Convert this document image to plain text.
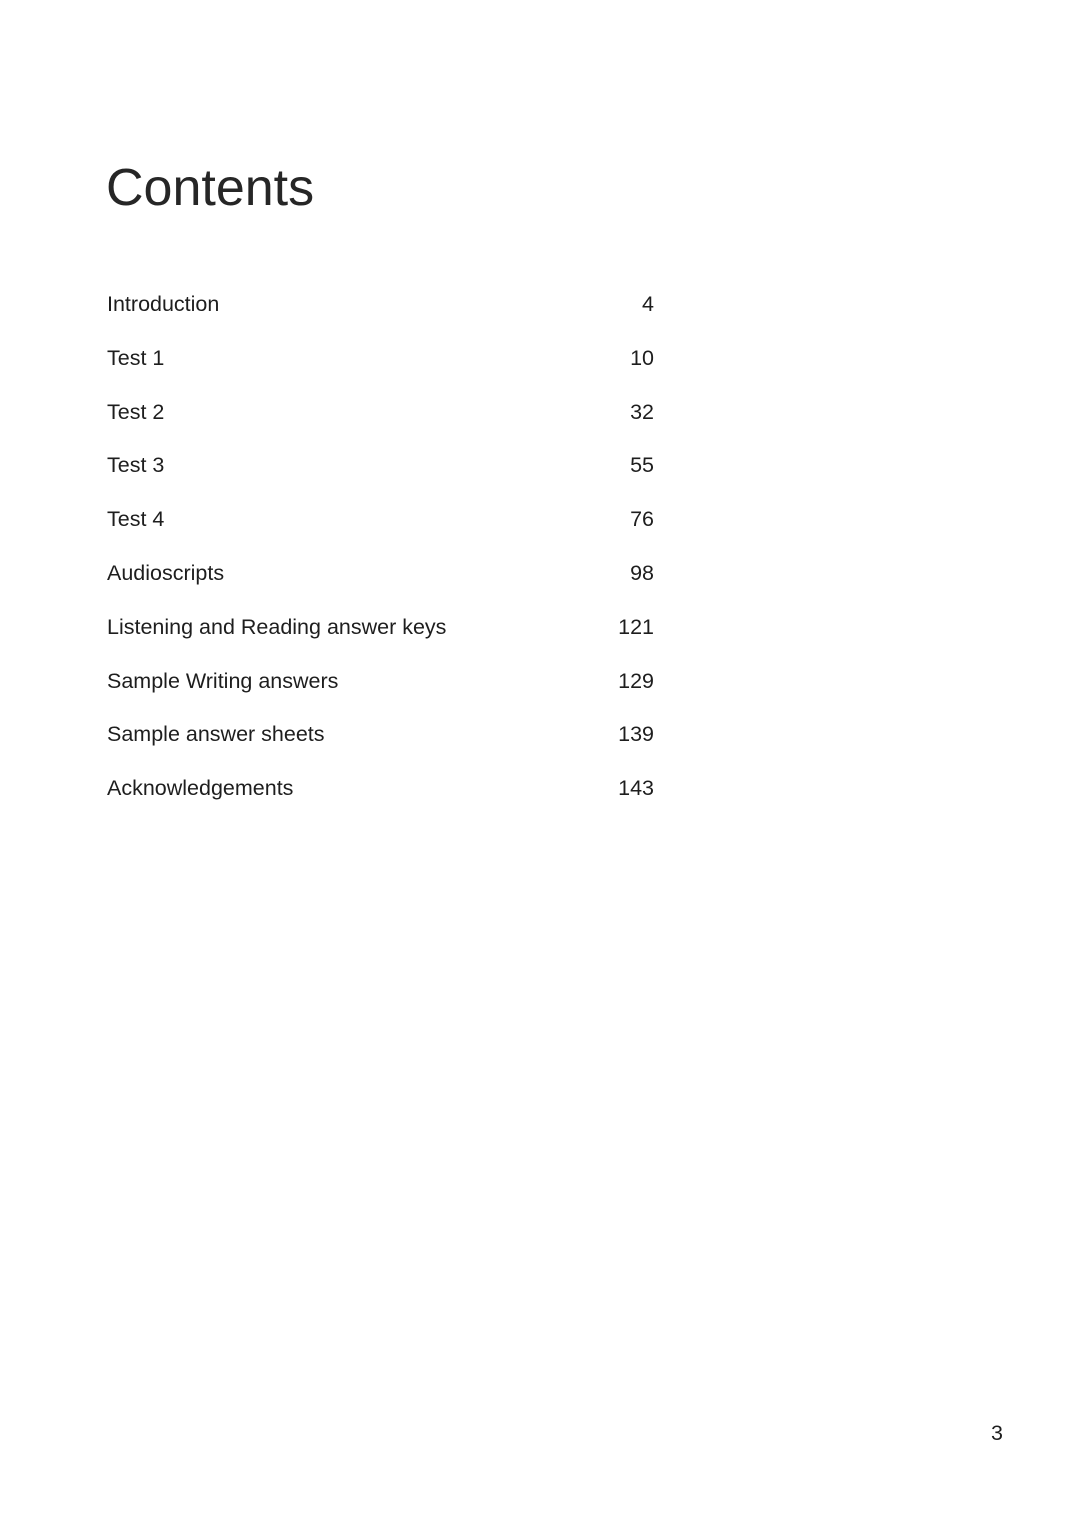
Contents
Introduction	4
Test 1	10
Test 2	32
Test 3	55
Test 4	76
Audioscripts	98
Listening and Reading answer keys	121
Sample Writing answers	129
Sample answer sheets	139
Acknowledgements	143
3
